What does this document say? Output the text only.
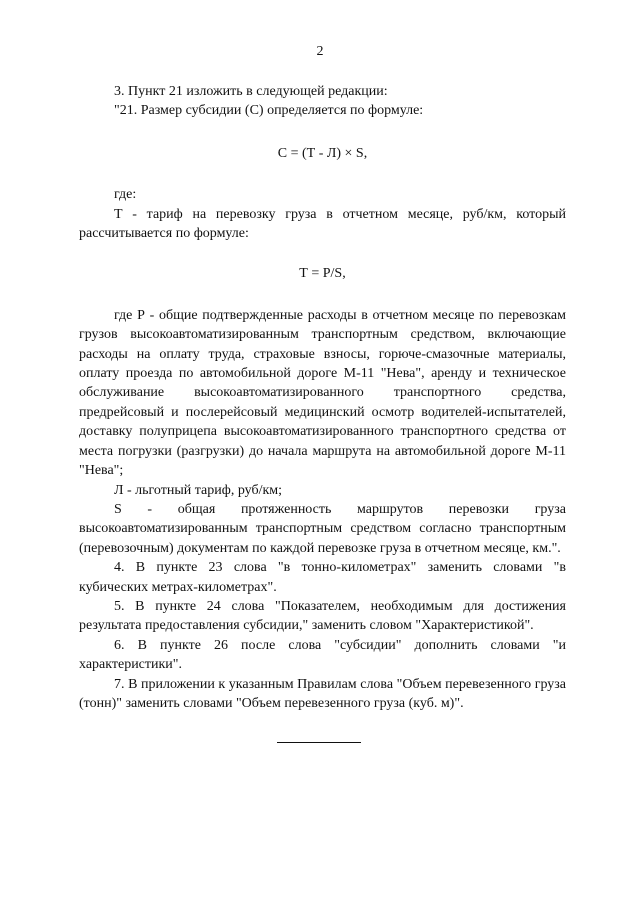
2

3. Пункт 21 изложить в следующей редакции:

"21. Размер субсидии (С) определяется по формуле:

С = (Т - Л) × S,

где:

Т - тариф на перевозку груза в отчетном месяце, руб/км, который рассчитывается по формуле:

Т = Р/S,

где Р - общие подтвержденные расходы в отчетном месяце по перевозкам грузов высокоавтоматизированным транспортным средством, включающие расходы на оплату труда, страховые взносы, горюче-смазочные материалы, оплату проезда по автомобильной дороге М-11 "Нева", аренду и техническое обслуживание высокоавтоматизированного транспортного средства, предрейсовый и послерейсовый медицинский осмотр водителей-испытателей, доставку полуприцепа высокоавтоматизированного транспортного средства от места погрузки (разгрузки) до начала маршрута на автомобильной дороге М-11 "Нева";

Л - льготный тариф, руб/км;

S - общая протяженность маршрутов перевозки груза высокоавтоматизированным транспортным средством согласно транспортным (перевозочным) документам по каждой перевозке груза в отчетном месяце, км.".

4. В пункте 23 слова "в тонно-километрах" заменить словами "в кубических метрах-километрах".

5. В пункте 24 слова "Показателем, необходимым для достижения результата предоставления субсидии," заменить словом "Характеристикой".

6. В пункте 26 после слова "субсидии" дополнить словами "и характеристики".

7. В приложении к указанным Правилам слова "Объем перевезенного груза (тонн)" заменить словами "Объем перевезенного груза (куб. м)".
